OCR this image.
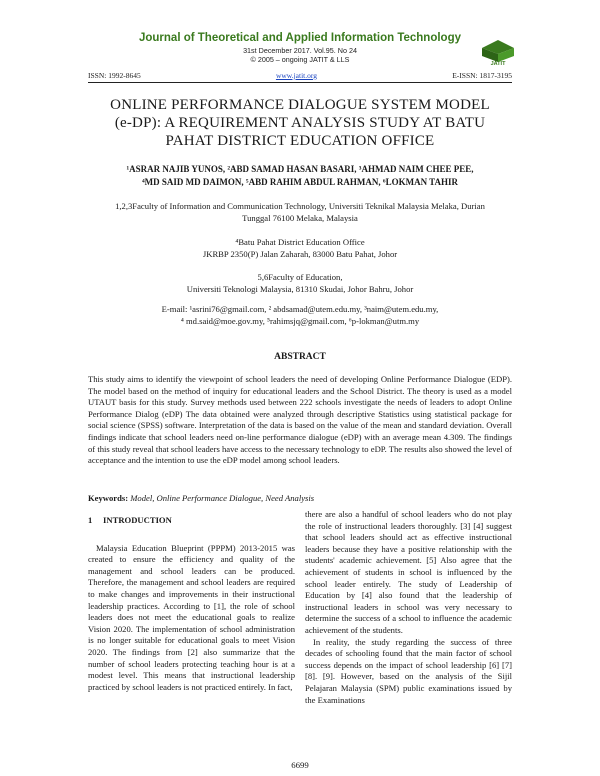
Journal of Theoretical and Applied Information Technology
31st December 2017. Vol.95. No 24
© 2005 – ongoing JATIT & LLS	JATIT
ISSN: 1992-8645	www.jatit.org	E-ISSN: 1817-3195
ONLINE PERFORMANCE DIALOGUE SYSTEM MODEL
(e-DP): A REQUIREMENT ANALYSIS STUDY AT BATU
PAHAT DISTRICT EDUCATION OFFICE
¹ASRAR NAJIB YUNOS, ²ABD SAMAD HASAN BASARI, ³AHMAD NAIM CHEE PEE,
⁴MD SAID MD DAIMON, ⁵ABD RAHIM ABDUL RAHMAN, ⁶LOKMAN TAHIR
1,2,3Faculty of Information and Communication Technology, Universiti Teknikal Malaysia Melaka, Durian
Tunggal 76100 Melaka, Malaysia
⁴Batu Pahat District Education Office
JKRBP 2350(P) Jalan Zaharah, 83000 Batu Pahat, Johor
5,6Faculty of Education,
Universiti Teknologi Malaysia, 81310 Skudai, Johor Bahru, Johor
E-mail: ¹asrini76@gmail.com, ² abdsamad@utem.edu.my, ³naim@utem.edu.my,
⁴ md.said@moe.gov.my, ⁵rahimsjq@gmail.com, ⁶p-lokman@utm.my
ABSTRACT
This study aims to identify the viewpoint of school leaders the need of developing Online Performance Dialogue (EDP). The model based on the method of inquiry for educational leaders and the School District. The theory is used as a model UTAUT basis for this study. Survey methods used between 222 schools investigate the needs of leaders to adopt Online Performance Dialog (eDP) The data obtained were analyzed through descriptive Statistics using statistical package for social science (SPSS) software. Interpretation of the data is based on the value of the mean and standard deviation. Overall findings indicate that school leaders need on-line performance dialogue (eDP) with an average mean 4.309. The findings of this study reveal that school leaders have access to the necessary technology to eDP. The results also showed the level of acceptance and the intention to use the eDP model among school leaders.
Keywords: Model, Online Performance Dialogue, Need Analysis
1 INTRODUCTION

Malaysia Education Blueprint (PPPM) 2013-2015 was created to ensure the efficiency and quality of the management and school leaders can be produced. Therefore, the management and school leaders are required to make changes and improvements in their instructional leadership practices. According to [1], the role of school leaders does not meet the educational goals to realize Vision 2020. The implementation of school administration is no longer suitable for educational goals to meet Vision 2020. The findings from [2] also summarize that the number of school leaders protecting teaching hour is at a modest level. This means that instructional leadership practiced by school leaders is not practiced entirely. In fact,

there are also a handful of school leaders who do not play the role of instructional leaders thoroughly. [3] [4] suggest that school leaders should act as effective instructional leaders because they have a positive relationship with the students' academic achievement. [5] Also agree that the achievement of students in school is influenced by the school leader entirely. The study of Leadership of Education by [4] also found that the leadership of instructional leaders in school was very necessary to determine the success of a school to influence the academic achievement of the students.

In reality, the study regarding the success of three decades of schooling found that the main factor of school success depends on the impact of school leadership [6] [7] [8]. [9]. However, based on the analysis of the Sijil Pelajaran Malaysia (SPM) public examinations issued by the Examinations

6699
